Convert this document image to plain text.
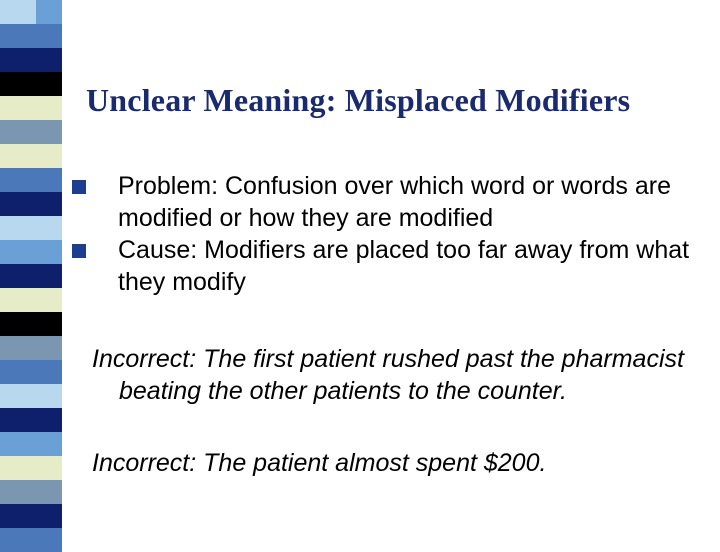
Unclear Meaning: Misplaced Modifiers
Problem: Confusion over which word or words are modified or how they are modified
Cause: Modifiers are placed too far away from what they modify

Incorrect: The first patient rushed past the pharmacist beating the other patients to the counter.

Incorrect: The patient almost spent $200.
